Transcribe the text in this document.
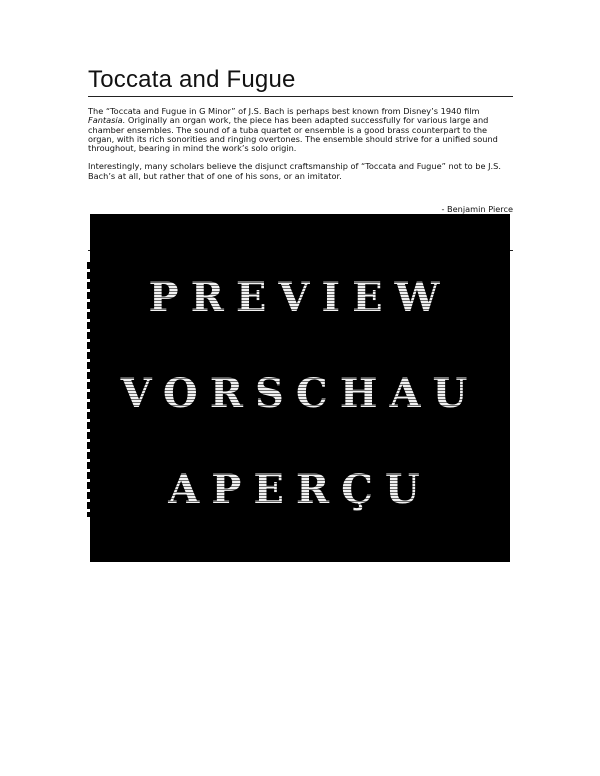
Toccata and Fugue

The “Toccata and Fugue in G Minor” of J.S. Bach is perhaps best known from Disney’s 1940 film Fantasia. Originally an organ work, the piece has been adapted successfully for various large and chamber ensembles. The sound of a tuba quartet or ensemble is a good brass counterpart to the organ, with its rich sonorities and ringing overtones. The ensemble should strive for a unified sound throughout, bearing in mind the work’s solo origin.

Interestingly, many scholars believe the disjunct craftsmanship of “Toccata and Fugue” not to be J.S. Bach’s at all, but rather that of one of his sons, or an imitator.

- Benjamin Pierce
PREVIEW
VORSCHAU
APERÇU
